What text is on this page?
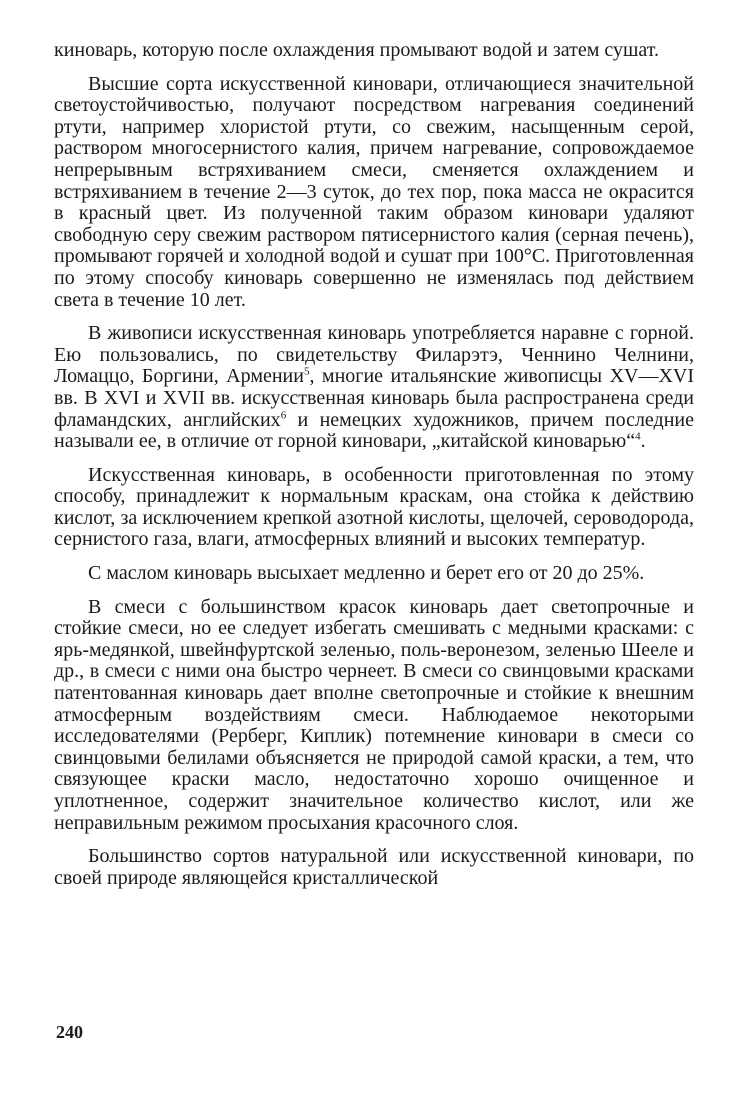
киноварь, которую после охлаждения промывают водой и затем сушат.

Высшие сорта искусственной киновари, отличающиеся значительной светоустойчивостью, получают посредством нагревания соединений ртути, например хлористой ртути, со свежим, насыщенным серой, раствором многосернистого калия, причем нагревание, сопровождаемое непрерывным встряхиванием смеси, сменяется охлаждением и встряхиванием в течение 2—3 суток, до тех пор, пока масса не окрасится в красный цвет. Из полученной таким образом киновари удаляют свободную серу свежим раствором пятисернистого калия (серная печень), промывают горячей и холодной водой и сушат при 100°С. Приготовленная по этому способу киноварь совершенно не изменялась под действием света в течение 10 лет.

В живописи искусственная киноварь употребляется наравне с горной. Ею пользовались, по свидетельству Филарэтэ, Ченнино Челнини, Ломаццо, Боргини, Армении$^5$, многие итальянские живописцы XV—XVI вв. В XVI и XVII вв. искусственная киноварь была распространена среди фламандских, английских$^6$ и немецких художников, причем последние называли ее, в отличие от горной киновари, „китайской киноварью“$^4$.

Искусственная киноварь, в особенности приготовленная по этому способу, принадлежит к нормальным краскам, она стойка к действию кислот, за исключением крепкой азотной кислоты, щелочей, сероводорода, сернистого газа, влаги, атмосферных влияний и высоких температур.

С маслом киноварь высыхает медленно и берет его от 20 до 25%.

В смеси с большинством красок киноварь дает светопрочные и стойкие смеси, но ее следует избегать смешивать с медными красками: с ярь-медянкой, швейнфуртской зеленью, поль-веронезом, зеленью Шееле и др., в смеси с ними она быстро чернеет. В смеси со свинцовыми красками патентованная киноварь дает вполне светопрочные и стойкие к внешним атмосферным воздействиям смеси. Наблюдаемое некоторыми исследователями (Рерберг, Киплик) потемнение киновари в смеси со свинцовыми белилами объясняется не природой самой краски, а тем, что связующее краски масло, недостаточно хорошо очищенное и уплотненное, содержит значительное количество кислот, или же неправильным режимом просыхания красочного слоя.

Большинство сортов натуральной или искусственной киновари, по своей природе являющейся кристаллической

240
